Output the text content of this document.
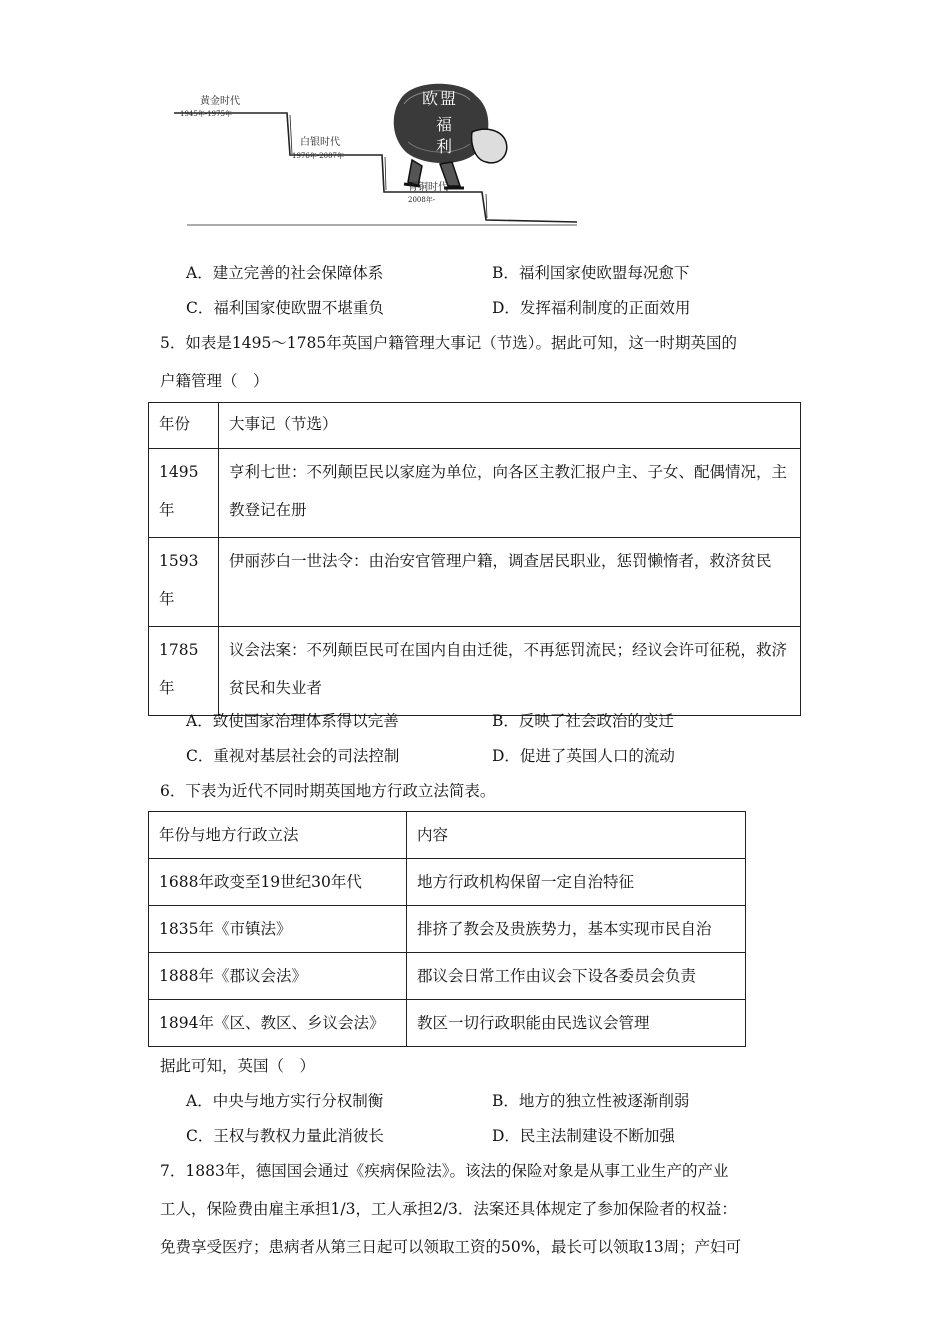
黄金时代
1945年-1975年
白银时代
1976年-2007年
青铜时代
2008年-
欧 盟
福
利
A．建立完善的社会保障体系	B．福利国家使欧盟每况愈下
C．福利国家使欧盟不堪重负	D．发挥福利制度的正面效用
5．如表是1495～1785年英国户籍管理大事记（节选）。据此可知，这一时期英国的
户籍管理（　）
年份	大事记（节选）
1495年	亨利七世：不列颠臣民以家庭为单位，向各区主教汇报户主、子女、配偶情况，主教登记在册
1593年	伊丽莎白一世法令：由治安官管理户籍，调查居民职业，惩罚懒惰者，救济贫民
1785年	议会法案：不列颠臣民可在国内自由迁徙，不再惩罚流民；经议会许可征税，救济贫民和失业者
A．致使国家治理体系得以完善	B．反映了社会政治的变迁
C．重视对基层社会的司法控制	D．促进了英国人口的流动
6．下表为近代不同时期英国地方行政立法简表。
年份与地方行政立法	内容
1688年政变至19世纪30年代	地方行政机构保留一定自治特征
1835年《市镇法》	排挤了教会及贵族势力，基本实现市民自治
1888年《郡议会法》	郡议会日常工作由议会下设各委员会负责
1894年《区、教区、乡议会法》	教区一切行政职能由民选议会管理
据此可知，英国（　）
A．中央与地方实行分权制衡	B．地方的独立性被逐渐削弱
C．王权与教权力量此消彼长	D．民主法制建设不断加强
7．1883年，德国国会通过《疾病保险法》。该法的保险对象是从事工业生产的产业
工人，保险费由雇主承担1/3，工人承担2/3．法案还具体规定了参加保险者的权益：
免费享受医疗；患病者从第三日起可以领取工资的50%，最长可以领取13周；产妇可
